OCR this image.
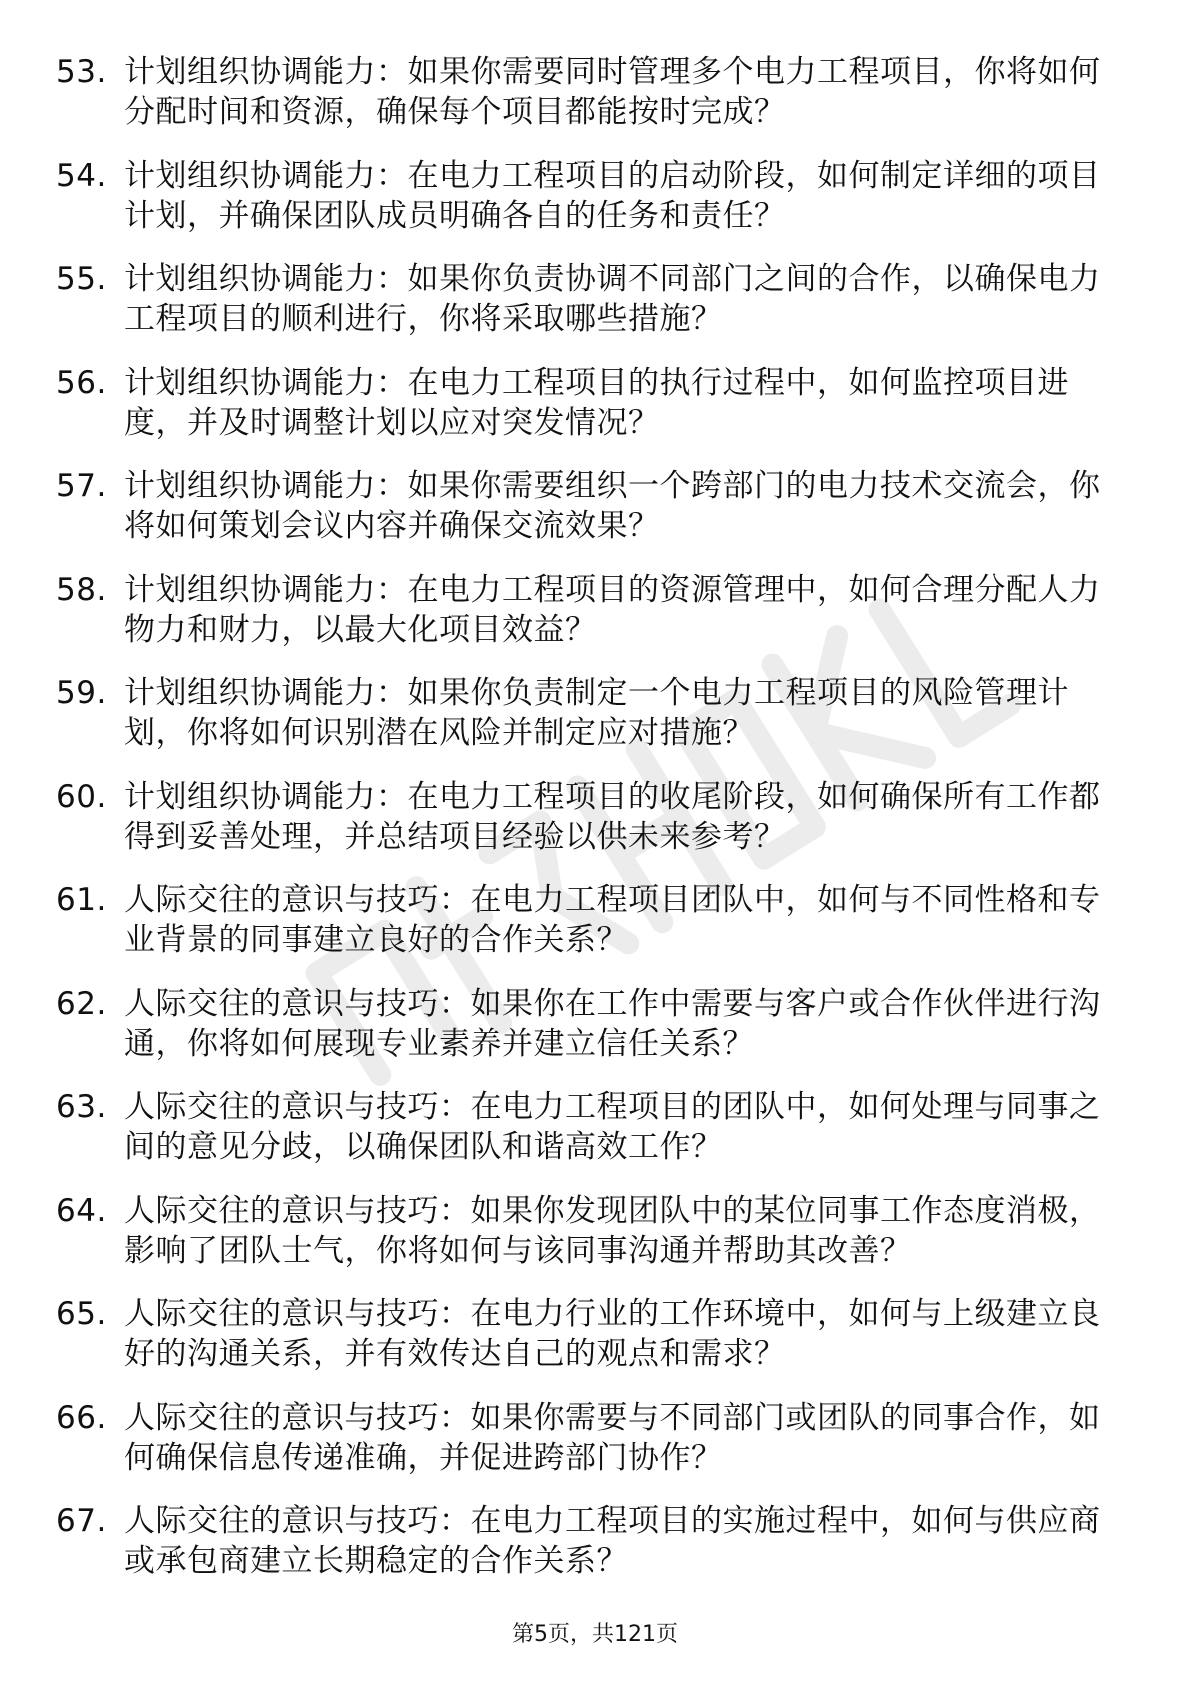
53. 计划组织协调能力：如果你需要同时管理多个电力工程项目，你将如何分配时间和资源，确保每个项目都能按时完成？
54. 计划组织协调能力：在电力工程项目的启动阶段，如何制定详细的项目计划，并确保团队成员明确各自的任务和责任？
55. 计划组织协调能力：如果你负责协调不同部门之间的合作，以确保电力工程项目的顺利进行，你将采取哪些措施？
56. 计划组织协调能力：在电力工程项目的执行过程中，如何监控项目进度，并及时调整计划以应对突发情况？
57. 计划组织协调能力：如果你需要组织一个跨部门的电力技术交流会，你将如何策划会议内容并确保交流效果？
58. 计划组织协调能力：在电力工程项目的资源管理中，如何合理分配人力物力和财力，以最大化项目效益？
59. 计划组织协调能力：如果你负责制定一个电力工程项目的风险管理计划，你将如何识别潜在风险并制定应对措施？
60. 计划组织协调能力：在电力工程项目的收尾阶段，如何确保所有工作都得到妥善处理，并总结项目经验以供未来参考？
61. 人际交往的意识与技巧：在电力工程项目团队中，如何与不同性格和专业背景的同事建立良好的合作关系？
62. 人际交往的意识与技巧：如果你在工作中需要与客户或合作伙伴进行沟通，你将如何展现专业素养并建立信任关系？
63. 人际交往的意识与技巧：在电力工程项目的团队中，如何处理与同事之间的意见分歧，以确保团队和谐高效工作？
64. 人际交往的意识与技巧：如果你发现团队中的某位同事工作态度消极，影响了团队士气，你将如何与该同事沟通并帮助其改善？
65. 人际交往的意识与技巧：在电力行业的工作环境中，如何与上级建立良好的沟通关系，并有效传达自己的观点和需求？
66. 人际交往的意识与技巧：如果你需要与不同部门或团队的同事合作，如何确保信息传递准确，并促进跨部门协作？
67. 人际交往的意识与技巧：在电力工程项目的实施过程中，如何与供应商或承包商建立长期稳定的合作关系？
第5页，共121页
